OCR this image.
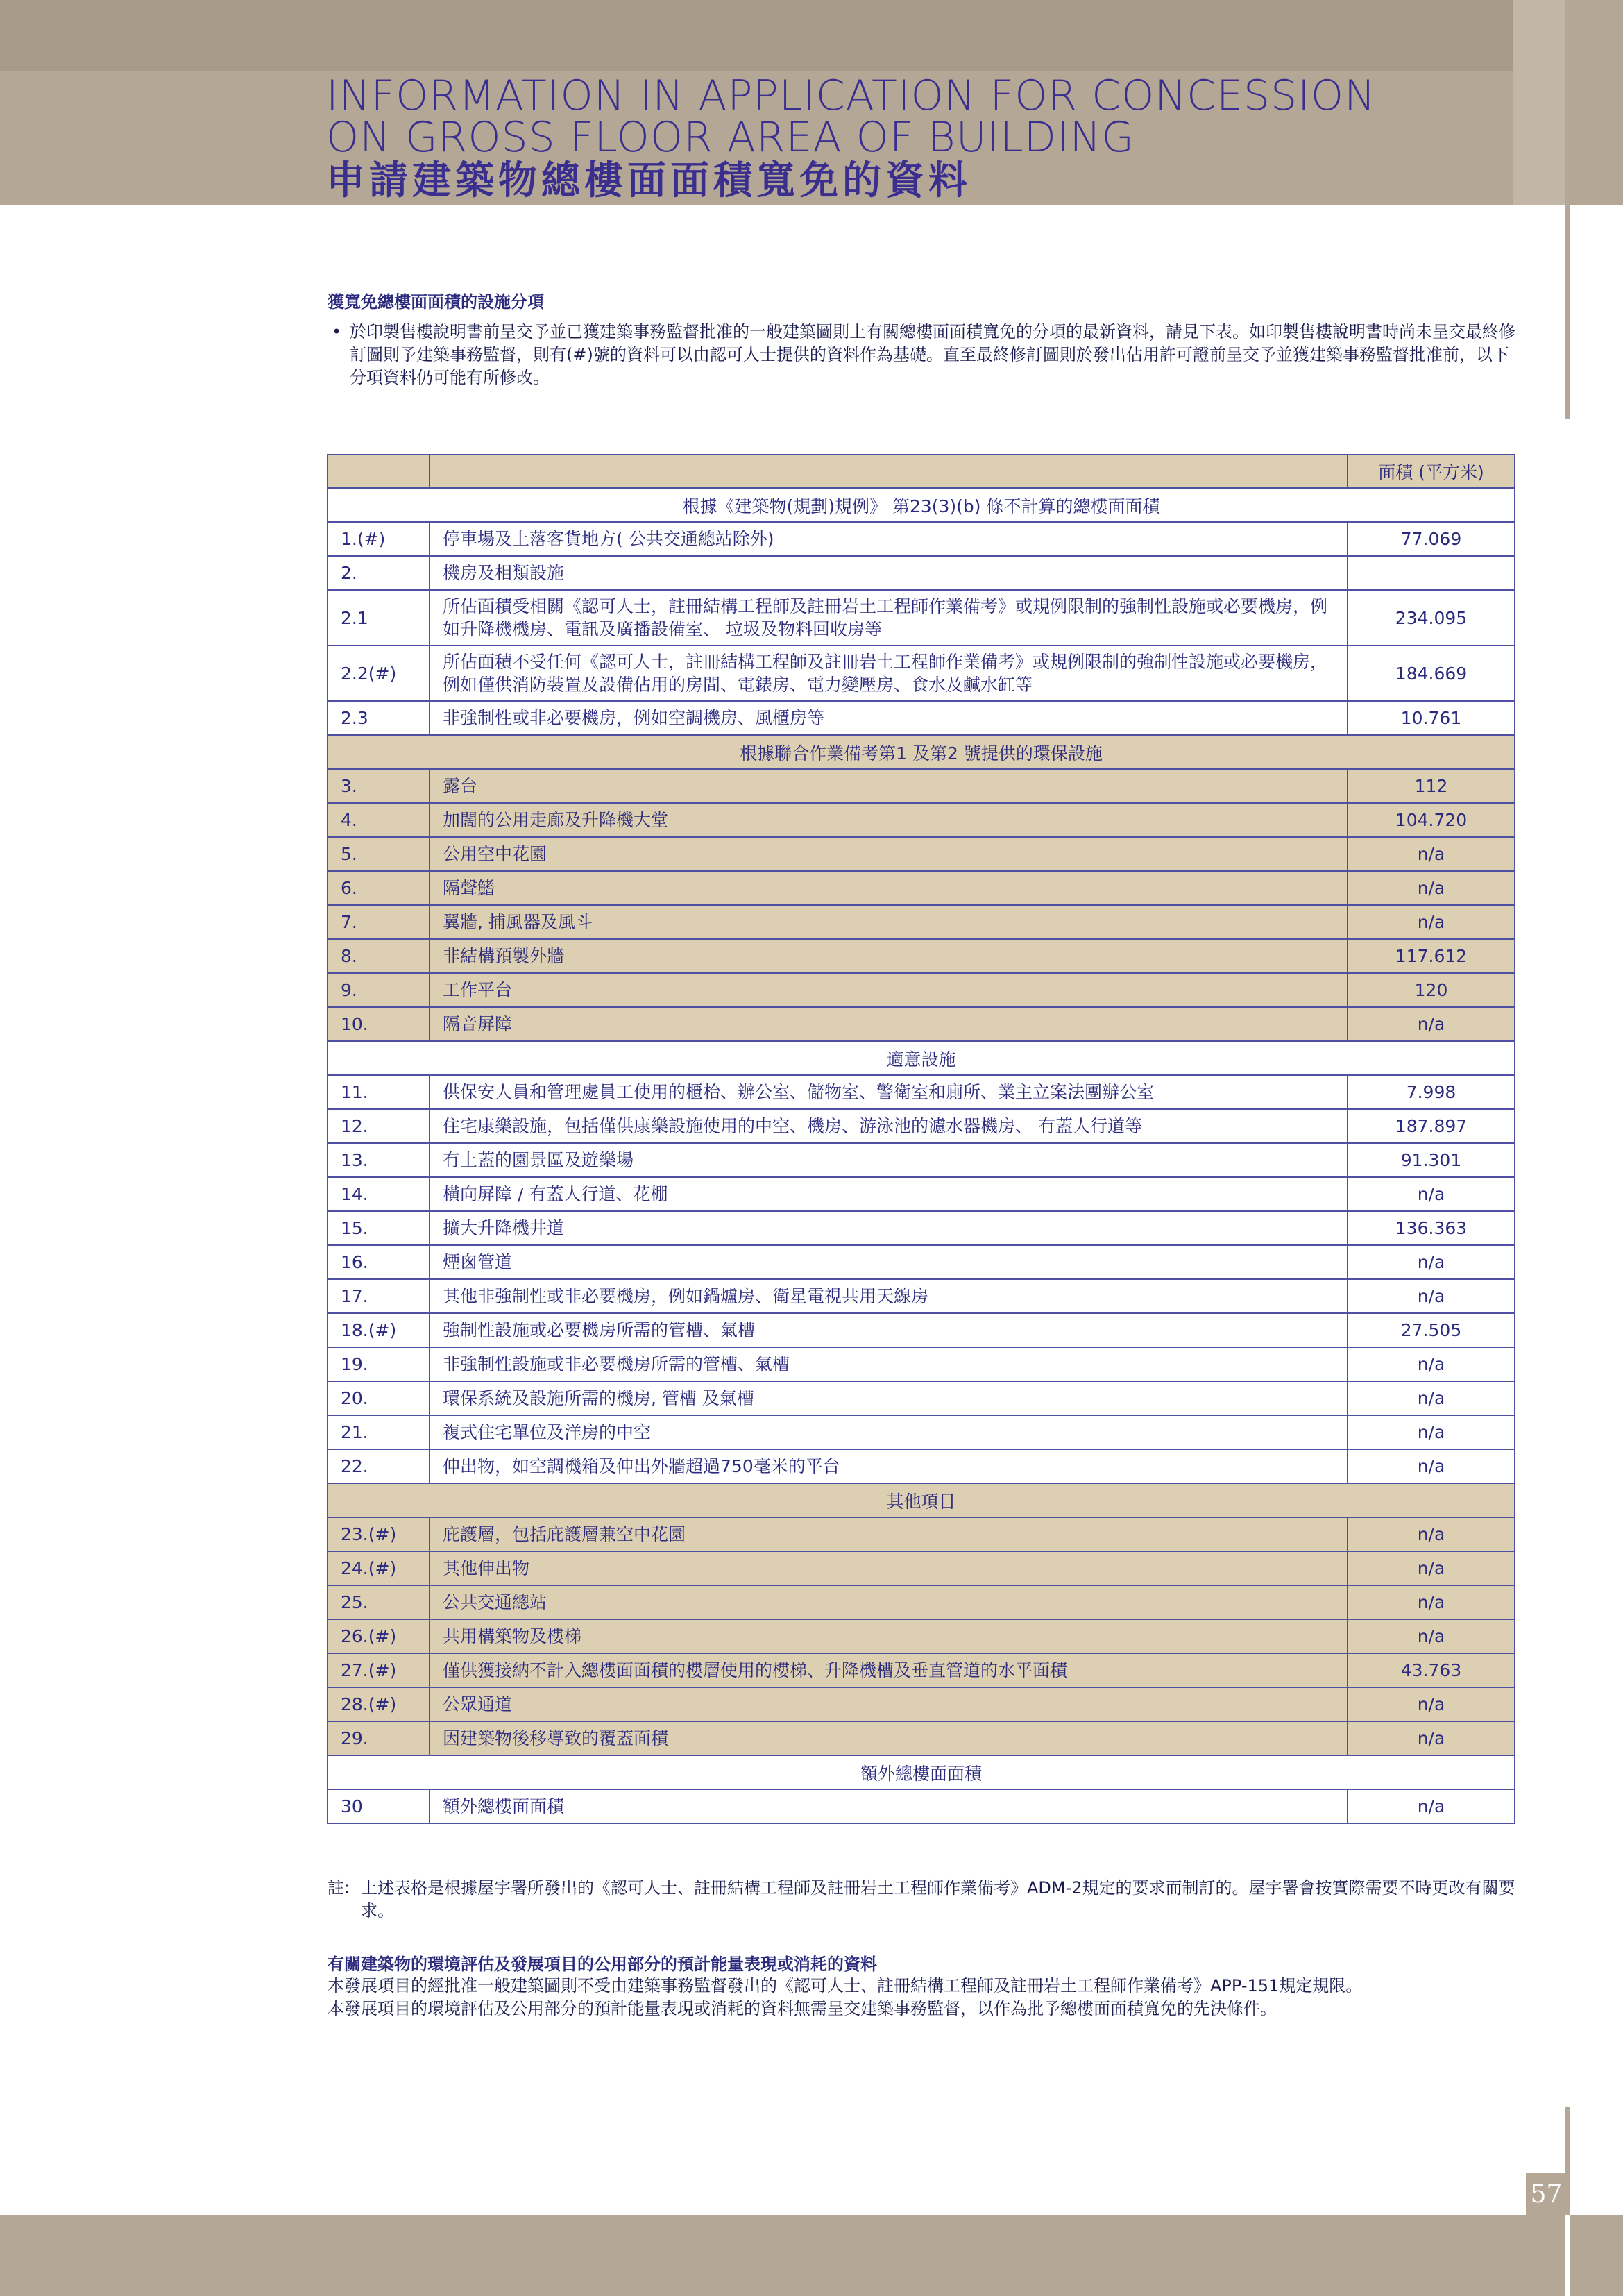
INFORMATION IN APPLICATION FOR CONCESSION
ON GROSS FLOOR AREA OF BUILDING
申請建築物總樓面面積寬免的資料
獲寬免總樓面面積的設施分項
• 於印製售樓說明書前呈交予並已獲建築事務監督批准的一般建築圖則上有關總樓面面積寬免的分項的最新資料，請見下表。如印製售樓說明書時尚未呈交最終修訂圖則予建築事務監督，則有(#)號的資料可以由認可人士提供的資料作為基礎。直至最終修訂圖則於發出佔用許可證前呈交予並獲建築事務監督批准前，以下分項資料仍可能有所修改。
		面積 (平方米)
根據《建築物(規劃)規例》 第23(3)(b) 條不計算的總樓面面積		
1.(#)	停車場及上落客貨地方( 公共交通總站除外)	77.069
2.	機房及相類設施	
2.1	所佔面積受相關《認可人士，註冊結構工程師及註冊岩土工程師作業備考》或規例限制的強制性設施或必要機房，例如升降機機房、電訊及廣播設備室、 垃圾及物料回收房等	234.095
2.2(#)	所佔面積不受任何《認可人士，註冊結構工程師及註冊岩土工程師作業備考》或規例限制的強制性設施或必要機房，例如僅供消防裝置及設備佔用的房間、電錶房、電力變壓房、食水及鹹水缸等	184.669
2.3	非強制性或非必要機房，例如空調機房、風櫃房等	10.761
根據聯合作業備考第1 及第2 號提供的環保設施		
3.	露台	112
4.	加闊的公用走廊及升降機大堂	104.720
5.	公用空中花園	n/a
6.	隔聲鰭	n/a
7.	翼牆, 捕風器及風斗	n/a
8.	非結構預製外牆	117.612
9.	工作平台	120
10.	隔音屏障	n/a
適意設施		
11.	供保安人員和管理處員工使用的櫃枱、辦公室、儲物室、警衛室和廁所、業主立案法團辦公室	7.998
12.	住宅康樂設施，包括僅供康樂設施使用的中空、機房、游泳池的濾水器機房、 有蓋人行道等	187.897
13.	有上蓋的園景區及遊樂場	91.301
14.	橫向屏障 / 有蓋人行道、花棚	n/a
15.	擴大升降機井道	136.363
16.	煙囪管道	n/a
17.	其他非強制性或非必要機房，例如鍋爐房、衛星電視共用天線房	n/a
18.(#)	強制性設施或必要機房所需的管槽、氣槽	27.505
19.	非強制性設施或非必要機房所需的管槽、氣槽	n/a
20.	環保系統及設施所需的機房, 管槽 及氣槽	n/a
21.	複式住宅單位及洋房的中空	n/a
22.	伸出物，如空調機箱及伸出外牆超過750毫米的平台	n/a
其他項目		
23.(#)	庇護層，包括庇護層兼空中花園	n/a
24.(#)	其他伸出物	n/a
25.	公共交通總站	n/a
26.(#)	共用構築物及樓梯	n/a
27.(#)	僅供獲接納不計入總樓面面積的樓層使用的樓梯、升降機槽及垂直管道的水平面積	43.763
28.(#)	公眾通道	n/a
29.	因建築物後移導致的覆蓋面積	n/a
額外總樓面面積		
30	額外總樓面面積	n/a
註: 上述表格是根據屋宇署所發出的《認可人士、註冊結構工程師及註冊岩土工程師作業備考》ADM-2規定的要求而制訂的。屋宇署會按實際需要不時更改有關要求。
有關建築物的環境評估及發展項目的公用部分的預計能量表現或消耗的資料
本發展項目的經批准一般建築圖則不受由建築事務監督發出的《認可人士、註冊結構工程師及註冊岩土工程師作業備考》APP-151規定規限。
本發展項目的環境評估及公用部分的預計能量表現或消耗的資料無需呈交建築事務監督，以作為批予總樓面面積寬免的先決條件。
57
